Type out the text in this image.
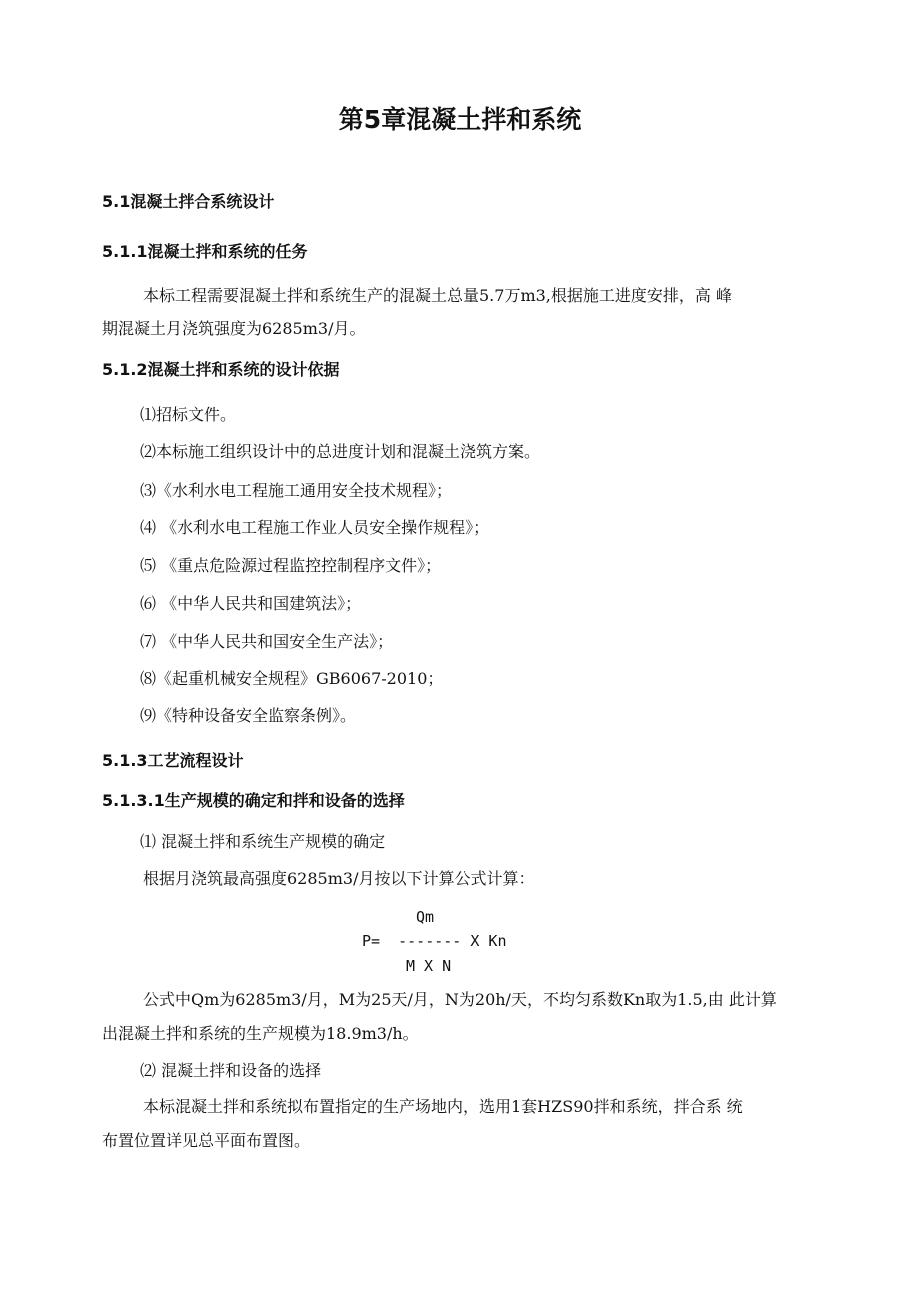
第5章混凝土拌和系统
5.1混凝土拌合系统设计
5.1.1混凝土拌和系统的任务
本标工程需要混凝土拌和系统生产的混凝土总量5.7万m3,根据施工进度安排，高 峰
期混凝土月浇筑强度为6285m3/月。
5.1.2混凝土拌和系统的设计依据
⑴招标文件。
⑵本标施工组织设计中的总进度计划和混凝土浇筑方案。
⑶《水利水电工程施工通用安全技术规程》；
⑷ 《水利水电工程施工作业人员安全操作规程》；
⑸ 《重点危险源过程监控控制程序文件》；
⑹ 《中华人民共和国建筑法》；
⑺ 《中华人民共和国安全生产法》；
⑻《起重机械安全规程》GB6067-2010；
⑼《特种设备安全监察条例》。
5.1.3工艺流程设计
5.1.3.1生产规模的确定和拌和设备的选择
⑴ 混凝土拌和系统生产规模的确定
根据月浇筑最高强度6285m3/月按以下计算公式计算：
Qm
P=  ------- X Kn
M X N
公式中Qm为6285m3/月，M为25天/月，N为20h/天，不均匀系数Kn取为1.5,由 此计算
出混凝土拌和系统的生产规模为18.9m3/h。
⑵ 混凝土拌和设备的选择
本标混凝土拌和系统拟布置指定的生产场地内，选用1套HZS90拌和系统，拌合系 统
布置位置详见总平面布置图。
